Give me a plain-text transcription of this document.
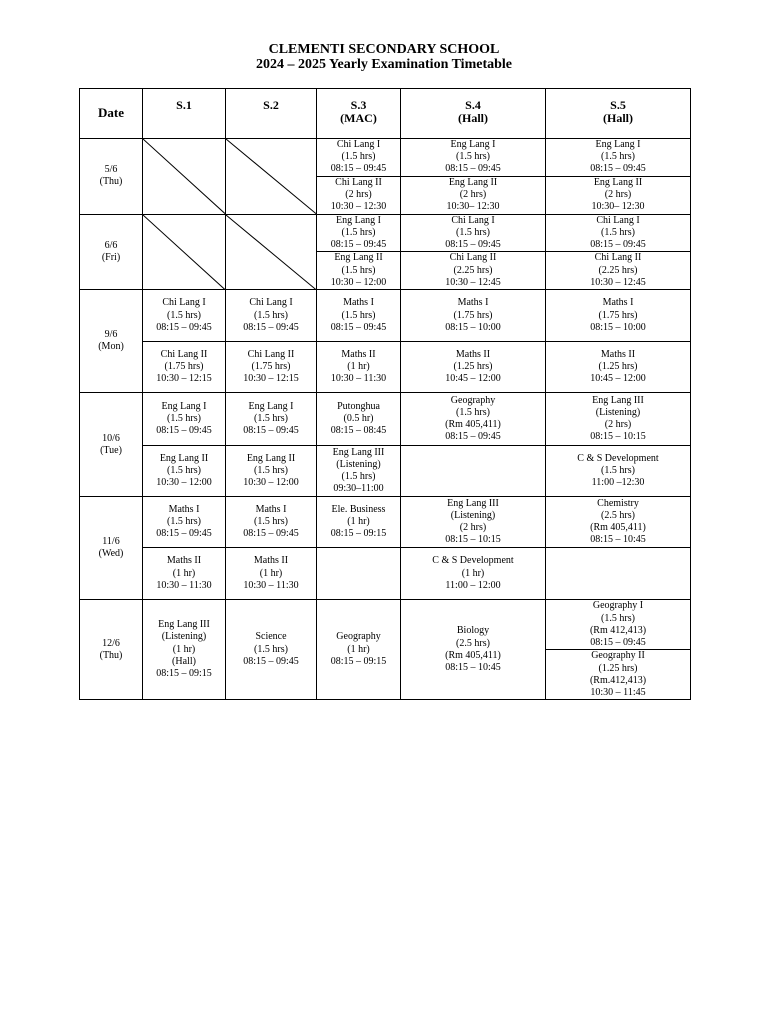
CLEMENTI SECONDARY SCHOOL
2024 – 2025 Yearly Examination Timetable
Date	S.1	S.2	S.3
(MAC)	S.4
(Hall)	S.5
(Hall)

5/6
(Thu)			Chi Lang I
(1.5 hrs)
08:15 – 09:45	Eng Lang I
(1.5 hrs)
08:15 – 09:45	Eng Lang I
(1.5 hrs)
08:15 – 09:45

			Chi Lang II
(2 hrs)
10:30 – 12:30	Eng Lang II
(2 hrs)
10:30– 12:30	Eng Lang II
(2 hrs)
10:30– 12:30

6/6
(Fri)			Eng Lang I
(1.5 hrs)
08:15 – 09:45	Chi Lang I
(1.5 hrs)
08:15 – 09:45	Chi Lang I
(1.5 hrs)
08:15 – 09:45

			Eng Lang II
(1.5 hrs)
10:30 – 12:00	Chi Lang II
(2.25 hrs)
10:30 – 12:45	Chi Lang II
(2.25 hrs)
10:30 – 12:45

9/6
(Mon)	Chi Lang I
(1.5 hrs)
08:15 – 09:45	Chi Lang I
(1.5 hrs)
08:15 – 09:45	Maths I
(1.5 hrs)
08:15 – 09:45	Maths I
(1.75 hrs)
08:15 – 10:00	Maths I
(1.75 hrs)
08:15 – 10:00

	Chi Lang II
(1.75 hrs)
10:30 – 12:15	Chi Lang II
(1.75 hrs)
10:30 – 12:15	Maths II
(1 hr)
10:30 – 11:30	Maths II
(1.25 hrs)
10:45 – 12:00	Maths II
(1.25 hrs)
10:45 – 12:00

10/6
(Tue)	Eng Lang I
(1.5 hrs)
08:15 – 09:45	Eng Lang I
(1.5 hrs)
08:15 – 09:45	Putonghua
(0.5 hr)
08:15 – 08:45	Geography
(1.5 hrs)
(Rm 405,411)
08:15 – 09:45	Eng Lang III
(Listening)
(2 hrs)
08:15 – 10:15

	Eng Lang II
(1.5 hrs)
10:30 – 12:00	Eng Lang II
(1.5 hrs)
10:30 – 12:00	Eng Lang III
(Listening)
(1.5 hrs)
09:30–11:00		C & S Development
(1.5 hrs)
11:00 –12:30

11/6
(Wed)	Maths I
(1.5 hrs)
08:15 – 09:45	Maths I
(1.5 hrs)
08:15 – 09:45	Ele. Business
(1 hr)
08:15 – 09:15	Eng Lang III
(Listening)
(2 hrs)
08:15 – 10:15	Chemistry
(2.5 hrs)
(Rm 405,411)
08:15 – 10:45

	Maths II
(1 hr)
10:30 – 11:30	Maths II
(1 hr)
10:30 – 11:30		C & S Development
(1 hr)
11:00 – 12:00	

12/6
(Thu)	Eng Lang III
(Listening)
(1 hr)
(Hall)
08:15 – 09:15	Science
(1.5 hrs)
08:15 – 09:45	Geography
(1 hr)
08:15 – 09:15	Biology
(2.5 hrs)
(Rm 405,411)
08:15 – 10:45	Geography I
(1.5 hrs)
(Rm 412,413)
08:15 – 09:45

					Geography II
(1.25 hrs)
(Rm.412,413)
10:30 – 11:45
